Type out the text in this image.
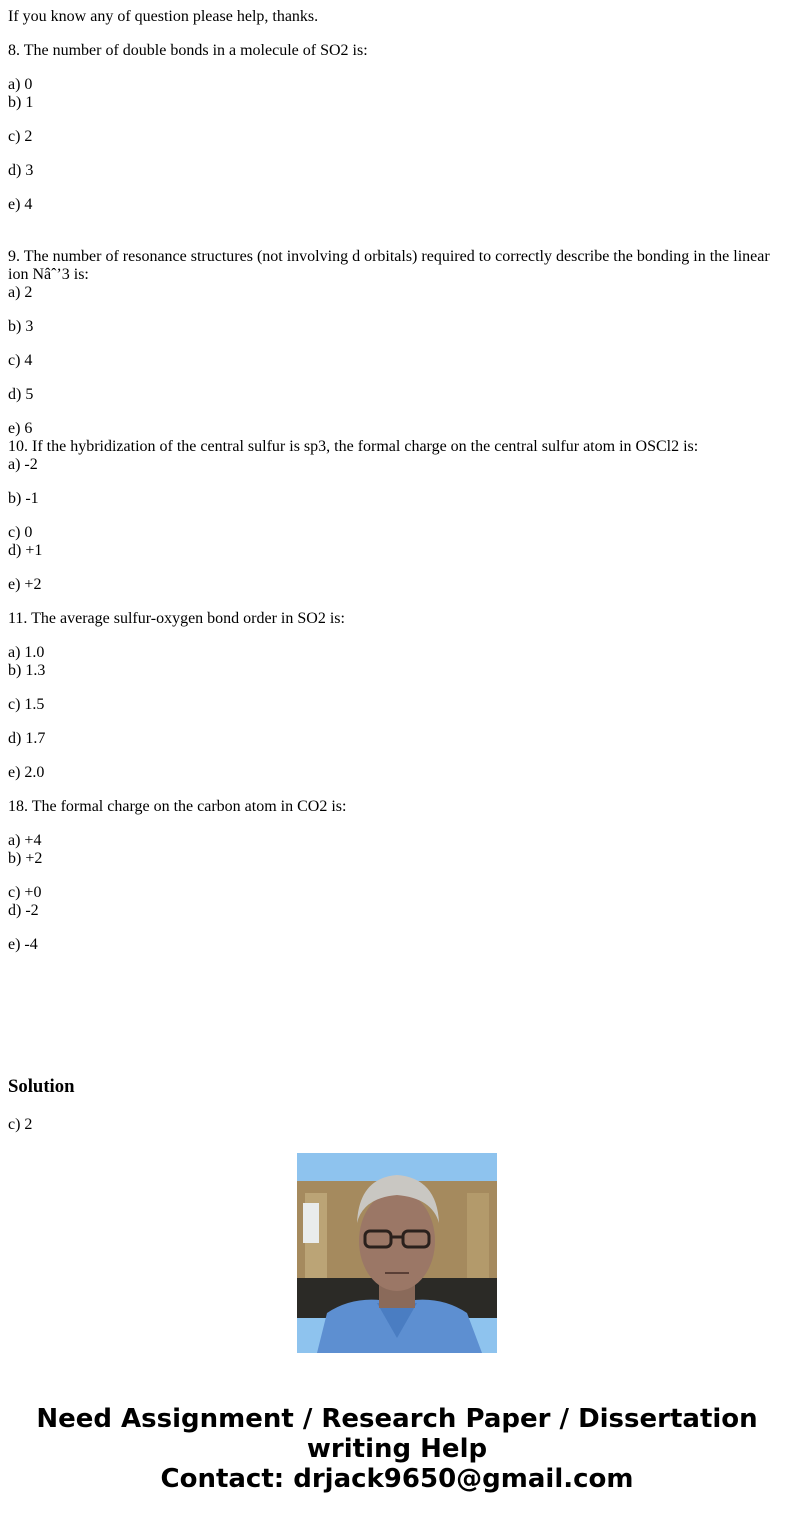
If you know any of question please help, thanks.
8. The number of double bonds in a molecule of SO2 is:
a) 0
b) 1
c) 2
d) 3
e) 4
9. The number of resonance structures (not involving d orbitals) required to correctly describe the bonding in the linear
ion Nâˆ’3 is:
a) 2
b) 3
c) 4
d) 5
e) 6
10. If the hybridization of the central sulfur is sp3, the formal charge on the central sulfur atom in OSCl2 is:
a) -2
b) -1
c) 0
d) +1
e) +2
11. The average sulfur-oxygen bond order in SO2 is:
a) 1.0
b) 1.3
c) 1.5
d) 1.7
e) 2.0
18. The formal charge on the carbon atom in CO2 is:
a) +4
b) +2
c) +0
d) -2
e) -4
Solution
c) 2
Need Assignment / Research Paper / Dissertation
writing Help
Contact: drjack9650@gmail.com
